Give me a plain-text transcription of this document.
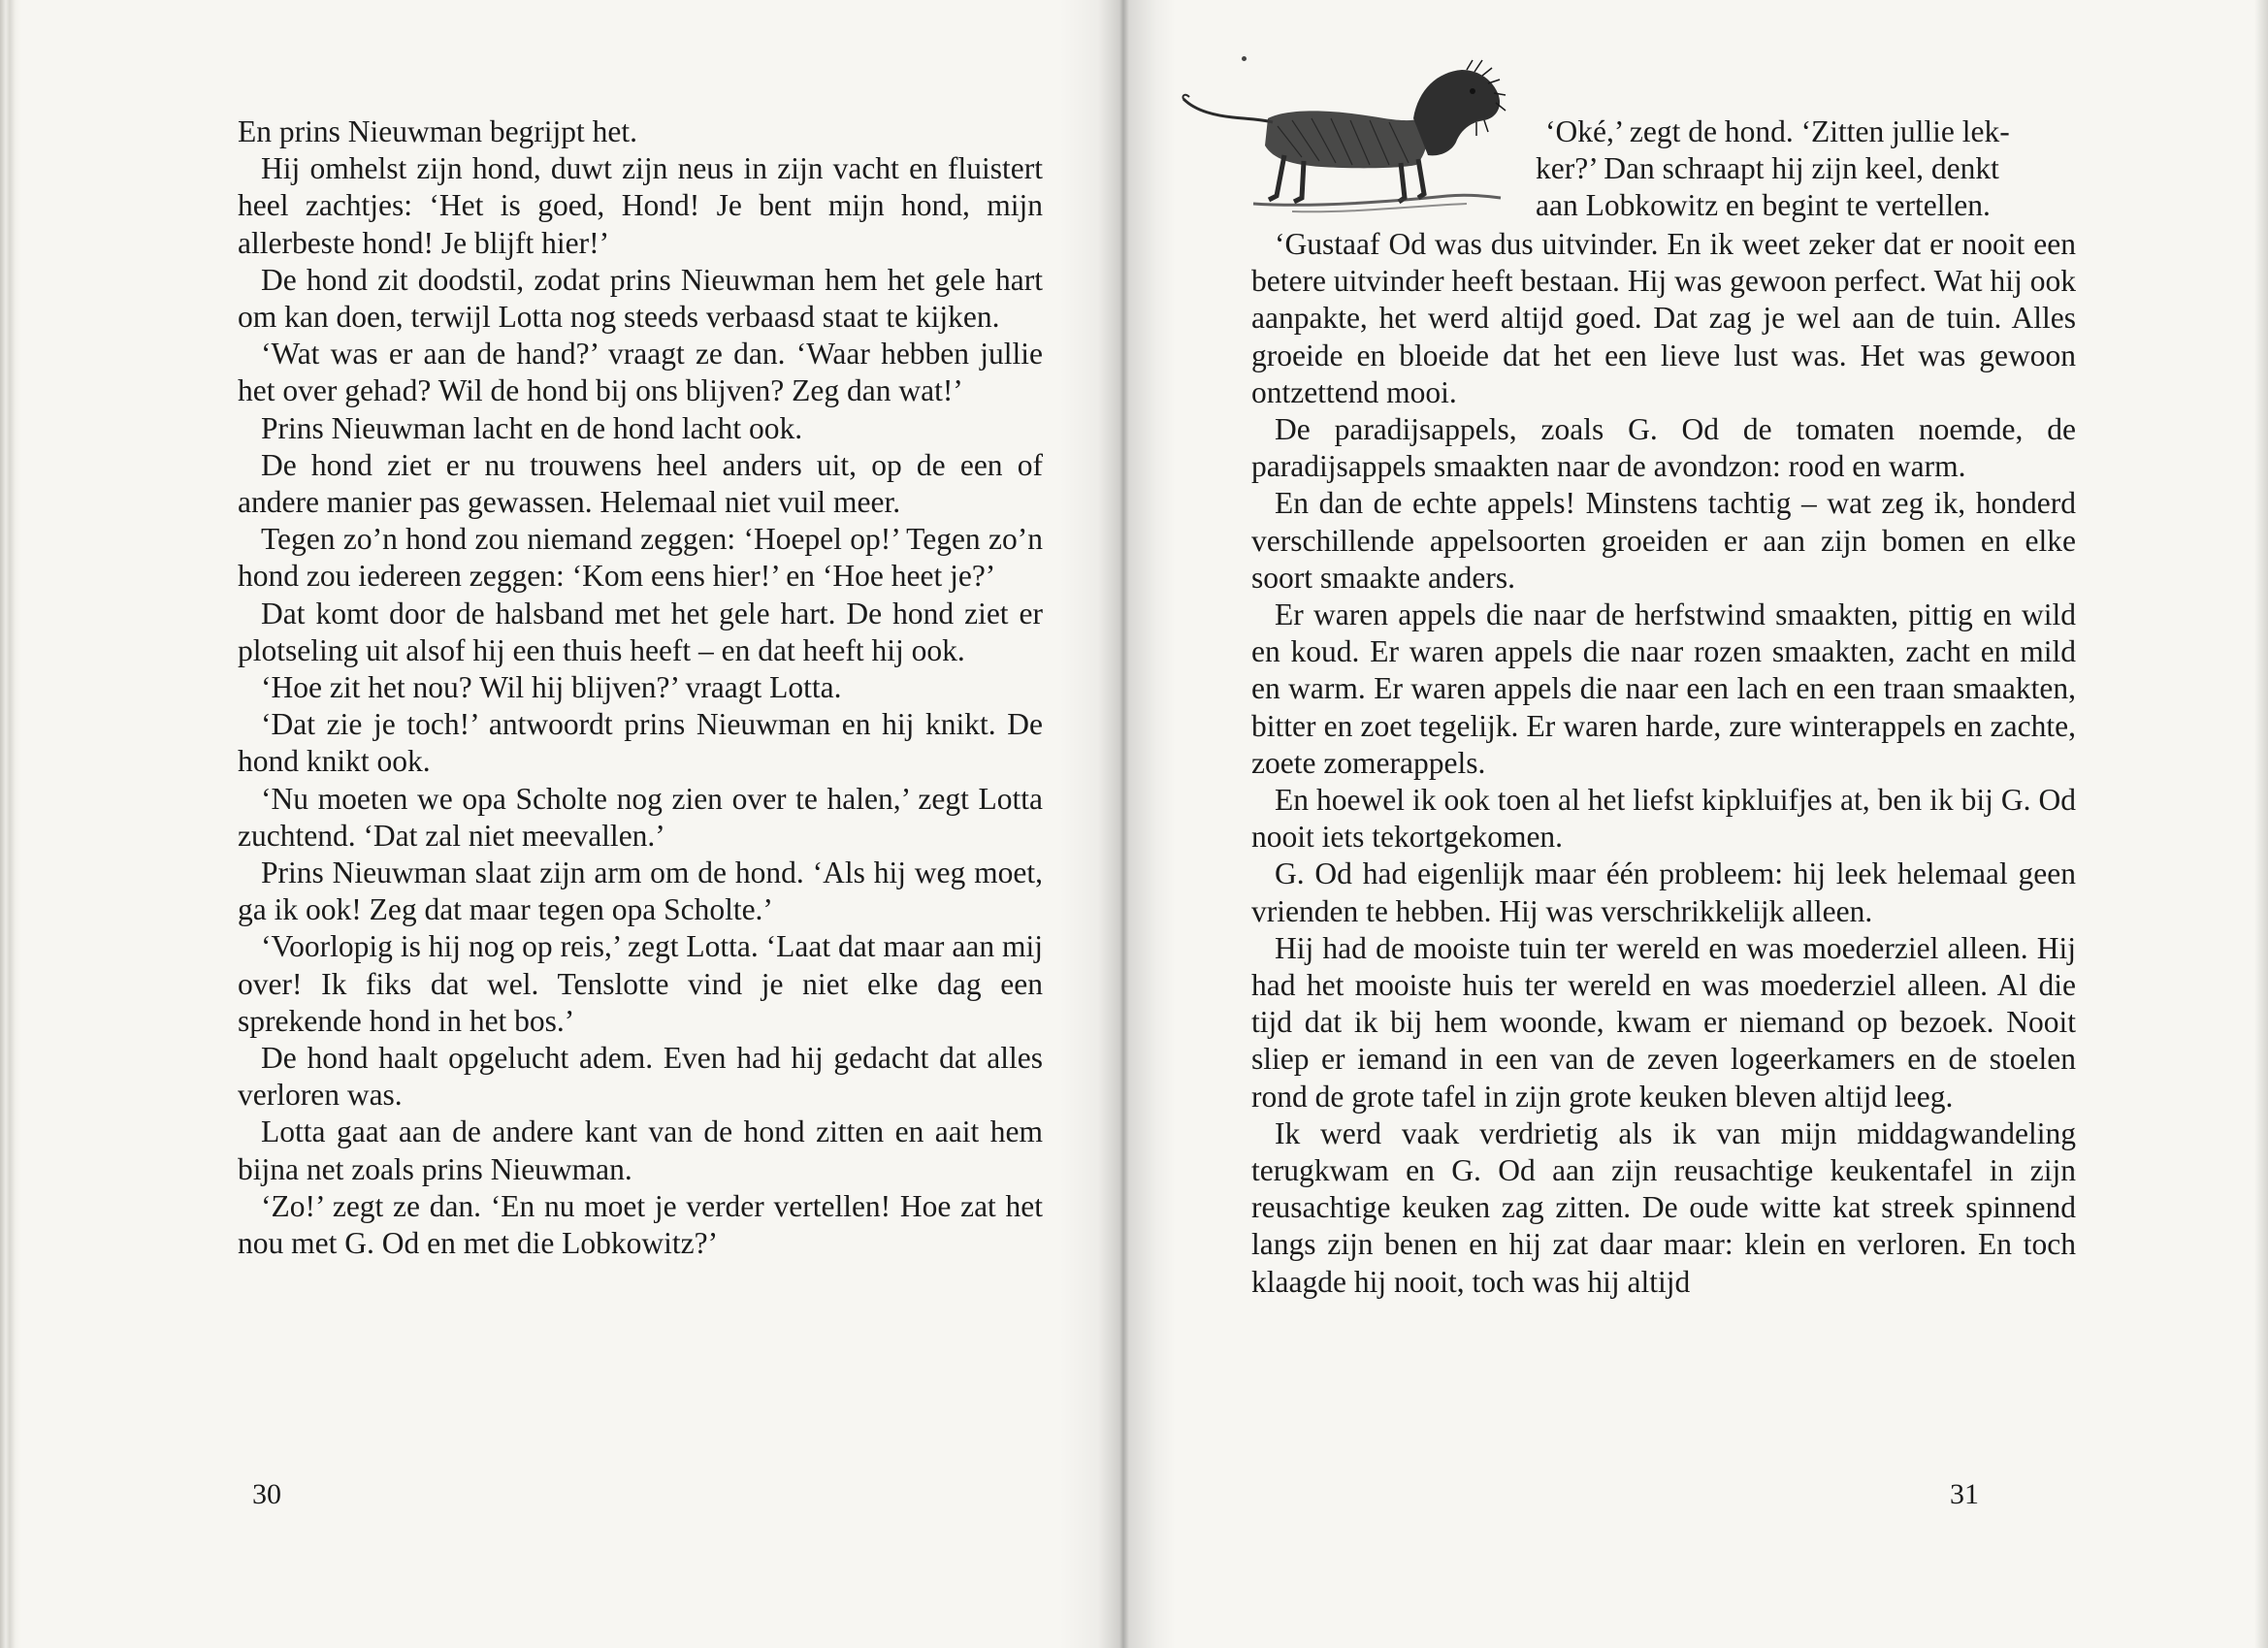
En prins Nieuwman begrijpt het.

Hij omhelst zijn hond, duwt zijn neus in zijn vacht en fluistert heel zachtjes: ‘Het is goed, Hond! Je bent mijn hond, mijn allerbeste hond! Je blijft hier!’

De hond zit doodstil, zodat prins Nieuwman hem het gele hart om kan doen, terwijl Lotta nog steeds verbaasd staat te kijken.

‘Wat was er aan de hand?’ vraagt ze dan. ‘Waar hebben jullie het over gehad? Wil de hond bij ons blijven? Zeg dan wat!’

Prins Nieuwman lacht en de hond lacht ook.

De hond ziet er nu trouwens heel anders uit, op de een of andere manier pas gewassen. Helemaal niet vuil meer.

Tegen zo’n hond zou niemand zeggen: ‘Hoepel op!’ Tegen zo’n hond zou iedereen zeggen: ‘Kom eens hier!’ en ‘Hoe heet je?’

Dat komt door de halsband met het gele hart. De hond ziet er plotseling uit alsof hij een thuis heeft – en dat heeft hij ook.

‘Hoe zit het nou? Wil hij blijven?’ vraagt Lotta.

‘Dat zie je toch!’ antwoordt prins Nieuwman en hij knikt. De hond knikt ook.

‘Nu moeten we opa Scholte nog zien over te halen,’ zegt Lotta zuchtend. ‘Dat zal niet meevallen.’

Prins Nieuwman slaat zijn arm om de hond. ‘Als hij weg moet, ga ik ook! Zeg dat maar tegen opa Scholte.’

‘Voorlopig is hij nog op reis,’ zegt Lotta. ‘Laat dat maar aan mij over! Ik fiks dat wel. Tenslotte vind je niet elke dag een sprekende hond in het bos.’

De hond haalt opgelucht adem. Even had hij gedacht dat alles verloren was.

Lotta gaat aan de andere kant van de hond zitten en aait hem bijna net zoals prins Nieuwman.

‘Zo!’ zegt ze dan. ‘En nu moet je verder vertellen! Hoe zat het nou met G. Od en met die Lobkowitz?’

30

‘Oké,’ zegt de hond. ‘Zitten jullie lek-

ker?’ Dan schraapt hij zijn keel, denkt

aan Lobkowitz en begint te vertellen.

‘Gustaaf Od was dus uitvinder. En ik weet zeker dat er nooit een betere uitvinder heeft bestaan. Hij was gewoon perfect. Wat hij ook aanpakte, het werd altijd goed. Dat zag je wel aan de tuin. Alles groeide en bloeide dat het een lieve lust was. Het was gewoon ontzettend mooi.

De paradijsappels, zoals G. Od de tomaten noemde, de paradijsappels smaakten naar de avondzon: rood en warm.

En dan de echte appels! Minstens tachtig – wat zeg ik, honderd verschillende appelsoorten groeiden er aan zijn bomen en elke soort smaakte anders.

Er waren appels die naar de herfstwind smaakten, pittig en wild en koud. Er waren appels die naar rozen smaakten, zacht en mild en warm. Er waren appels die naar een lach en een traan smaakten, bitter en zoet tegelijk. Er waren harde, zure winterappels en zachte, zoete zomerappels.

En hoewel ik ook toen al het liefst kipkluifjes at, ben ik bij G. Od nooit iets tekortgekomen.

G. Od had eigenlijk maar één probleem: hij leek helemaal geen vrienden te hebben. Hij was verschrikkelijk alleen.

Hij had de mooiste tuin ter wereld en was moederziel alleen. Hij had het mooiste huis ter wereld en was moederziel alleen. Al die tijd dat ik bij hem woonde, kwam er niemand op bezoek. Nooit sliep er iemand in een van de zeven logeerkamers en de stoelen rond de grote tafel in zijn grote keuken bleven altijd leeg.

Ik werd vaak verdrietig als ik van mijn middagwandeling terugkwam en G. Od aan zijn reusachtige keukentafel in zijn reusachtige keuken zag zitten. De oude witte kat streek spinnend langs zijn benen en hij zat daar maar: klein en verloren. En toch klaagde hij nooit, toch was hij altijd

31
